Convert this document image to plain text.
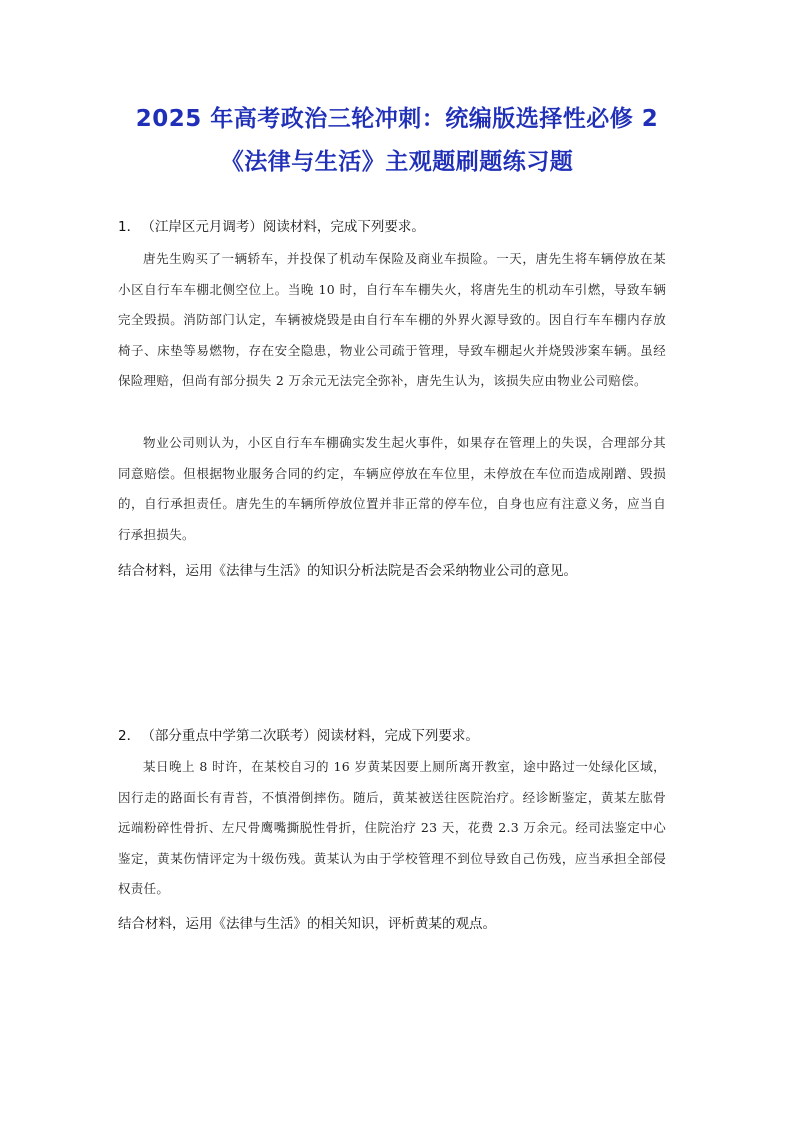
2025 年高考政治三轮冲刺：统编版选择性必修 2
《法律与生活》主观题刷题练习题
1． （江岸区元月调考）阅读材料，完成下列要求。
唐先生购买了一辆轿车，并投保了机动车保险及商业车损险。一天，唐先生将车辆停放在某小区自行车车棚北侧空位上。当晚 10 时，自行车车棚失火，将唐先生的机动车引燃，导致车辆完全毁损。消防部门认定，车辆被烧毁是由自行车车棚的外界火源导致的。因自行车车棚内存放椅子、床垫等易燃物，存在安全隐患，物业公司疏于管理，导致车棚起火并烧毁涉案车辆。虽经保险理赔，但尚有部分损失 2 万余元无法完全弥补，唐先生认为，该损失应由物业公司赔偿。
物业公司则认为，小区自行车车棚确实发生起火事件，如果存在管理上的失误，合理部分其同意赔偿。但根据物业服务合同的约定，车辆应停放在车位里，未停放在车位而造成剐蹭、毁损的，自行承担责任。唐先生的车辆所停放位置并非正常的停车位，自身也应有注意义务，应当自行承担损失。
结合材料，运用《法律与生活》的知识分析法院是否会采纳物业公司的意见。
2． （部分重点中学第二次联考）阅读材料，完成下列要求。
某日晚上 8 时许，在某校自习的 16 岁黄某因要上厕所离开教室，途中路过一处绿化区域，因行走的路面长有青苔，不慎滑倒摔伤。随后，黄某被送往医院治疗。经诊断鉴定，黄某左肱骨远端粉碎性骨折、左尺骨鹰嘴撕脱性骨折，住院治疗 23 天，花费 2.3 万余元。经司法鉴定中心鉴定，黄某伤情评定为十级伤残。黄某认为由于学校管理不到位导致自己伤残，应当承担全部侵权责任。
结合材料，运用《法律与生活》的相关知识，评析黄某的观点。
